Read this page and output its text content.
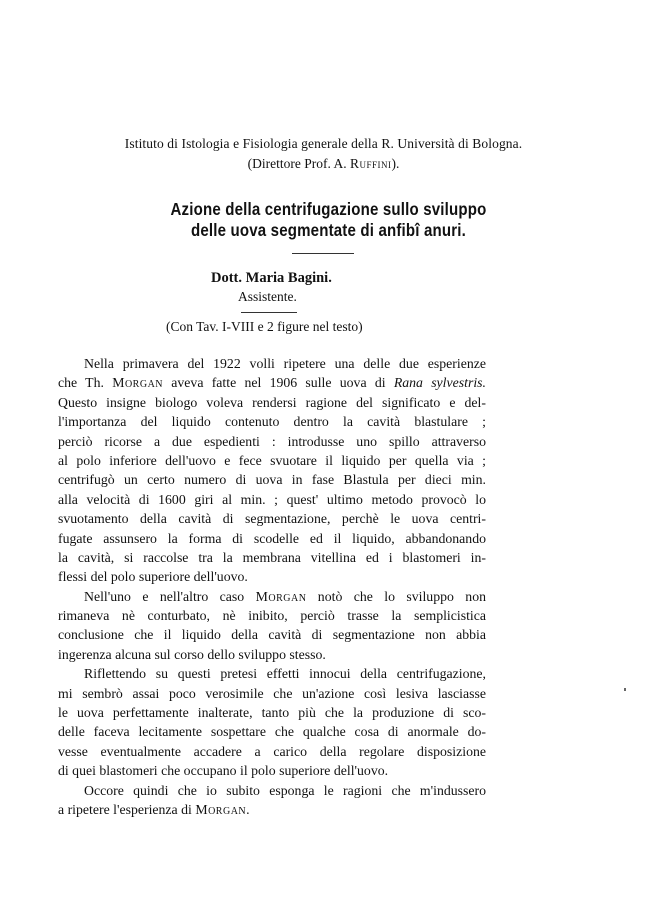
Istituto di Istologia e Fisiologia generale della R. Università di Bologna.
(Direttore Prof. A. Ruffini).
Azione della centrifugazione sullo sviluppo
delle uova segmentate di anfibî anuri.
Dott. Maria Bagini.
Assistente.
(Con Tav. I-VIII e 2 figure nel testo)
Nella primavera del 1922 volli ripetere una delle due esperienze
che Th. Morgan aveva fatte nel 1906 sulle uova di Rana sylvestris.
Questo insigne biologo voleva rendersi ragione del significato e del-
l'importanza del liquido contenuto dentro la cavità blastulare ;
perciò ricorse a due espedienti : introdusse uno spillo attraverso
al polo inferiore dell'uovo e fece svuotare il liquido per quella via ;
centrifugò un certo numero di uova in fase Blastula per dieci min.
alla velocità di 1600 giri al min. ; quest' ultimo metodo provocò lo
svuotamento della cavità di segmentazione, perchè le uova centri-
fugate assunsero la forma di scodelle ed il liquido, abbandonando
la cavità, si raccolse tra la membrana vitellina ed i blastomeri in-
flessi del polo superiore dell'uovo.
Nell'uno e nell'altro caso Morgan notò che lo sviluppo non
rimaneva nè conturbato, nè inibito, perciò trasse la semplicistica
conclusione che il liquido della cavità di segmentazione non abbia
ingerenza alcuna sul corso dello sviluppo stesso.
Riflettendo su questi pretesi effetti innocui della centrifugazione,
mi sembrò assai poco verosimile che un'azione così lesiva lasciasse
le uova perfettamente inalterate, tanto più che la produzione di sco-
delle faceva lecitamente sospettare che qualche cosa di anormale do-
vesse eventualmente accadere a carico della regolare disposizione
di quei blastomeri che occupano il polo superiore dell'uovo.
Occore quindi che io subito esponga le ragioni che m'indussero
a ripetere l'esperienza di Morgan.
